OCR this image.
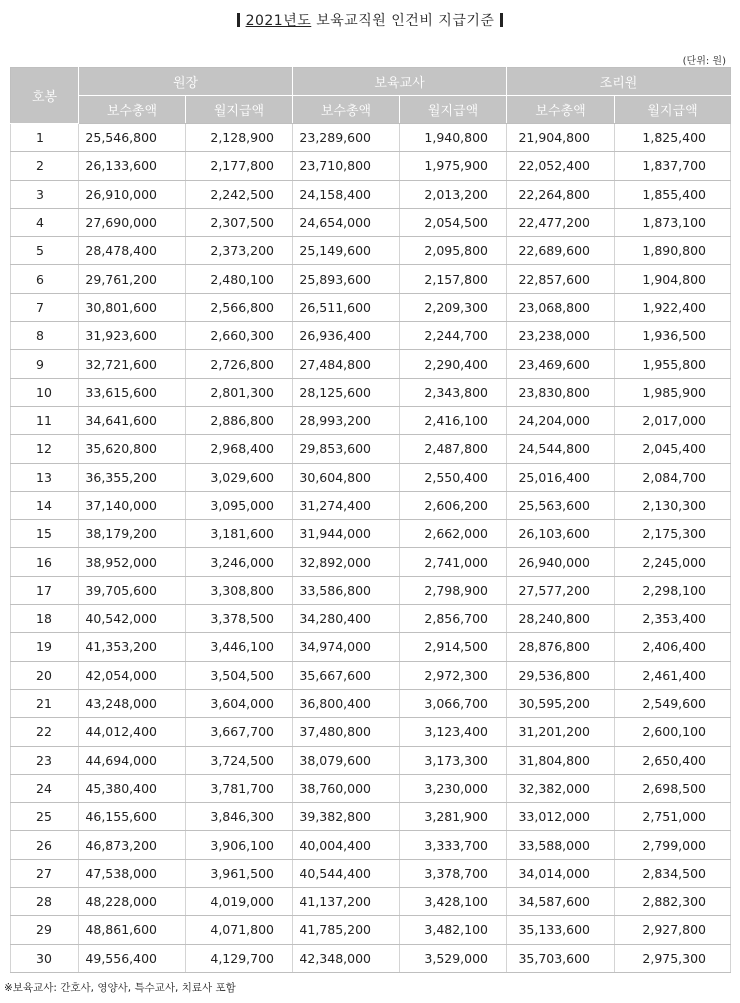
2021년도 보육교직원 인건비 지급기준
(단위: 원)
호봉	원장		보육교사		조리원	
	보수총액	월지급액	보수총액	월지급액	보수총액	월지급액
1	25,546,800	2,128,900	23,289,600	1,940,800	21,904,800	1,825,400
2	26,133,600	2,177,800	23,710,800	1,975,900	22,052,400	1,837,700
3	26,910,000	2,242,500	24,158,400	2,013,200	22,264,800	1,855,400
4	27,690,000	2,307,500	24,654,000	2,054,500	22,477,200	1,873,100
5	28,478,400	2,373,200	25,149,600	2,095,800	22,689,600	1,890,800
6	29,761,200	2,480,100	25,893,600	2,157,800	22,857,600	1,904,800
7	30,801,600	2,566,800	26,511,600	2,209,300	23,068,800	1,922,400
8	31,923,600	2,660,300	26,936,400	2,244,700	23,238,000	1,936,500
9	32,721,600	2,726,800	27,484,800	2,290,400	23,469,600	1,955,800
10	33,615,600	2,801,300	28,125,600	2,343,800	23,830,800	1,985,900
11	34,641,600	2,886,800	28,993,200	2,416,100	24,204,000	2,017,000
12	35,620,800	2,968,400	29,853,600	2,487,800	24,544,800	2,045,400
13	36,355,200	3,029,600	30,604,800	2,550,400	25,016,400	2,084,700
14	37,140,000	3,095,000	31,274,400	2,606,200	25,563,600	2,130,300
15	38,179,200	3,181,600	31,944,000	2,662,000	26,103,600	2,175,300
16	38,952,000	3,246,000	32,892,000	2,741,000	26,940,000	2,245,000
17	39,705,600	3,308,800	33,586,800	2,798,900	27,577,200	2,298,100
18	40,542,000	3,378,500	34,280,400	2,856,700	28,240,800	2,353,400
19	41,353,200	3,446,100	34,974,000	2,914,500	28,876,800	2,406,400
20	42,054,000	3,504,500	35,667,600	2,972,300	29,536,800	2,461,400
21	43,248,000	3,604,000	36,800,400	3,066,700	30,595,200	2,549,600
22	44,012,400	3,667,700	37,480,800	3,123,400	31,201,200	2,600,100
23	44,694,000	3,724,500	38,079,600	3,173,300	31,804,800	2,650,400
24	45,380,400	3,781,700	38,760,000	3,230,000	32,382,000	2,698,500
25	46,155,600	3,846,300	39,382,800	3,281,900	33,012,000	2,751,000
26	46,873,200	3,906,100	40,004,400	3,333,700	33,588,000	2,799,000
27	47,538,000	3,961,500	40,544,400	3,378,700	34,014,000	2,834,500
28	48,228,000	4,019,000	41,137,200	3,428,100	34,587,600	2,882,300
29	48,861,600	4,071,800	41,785,200	3,482,100	35,133,600	2,927,800
30	49,556,400	4,129,700	42,348,000	3,529,000	35,703,600	2,975,300
※보육교사: 간호사, 영양사, 특수교사, 치료사 포함
